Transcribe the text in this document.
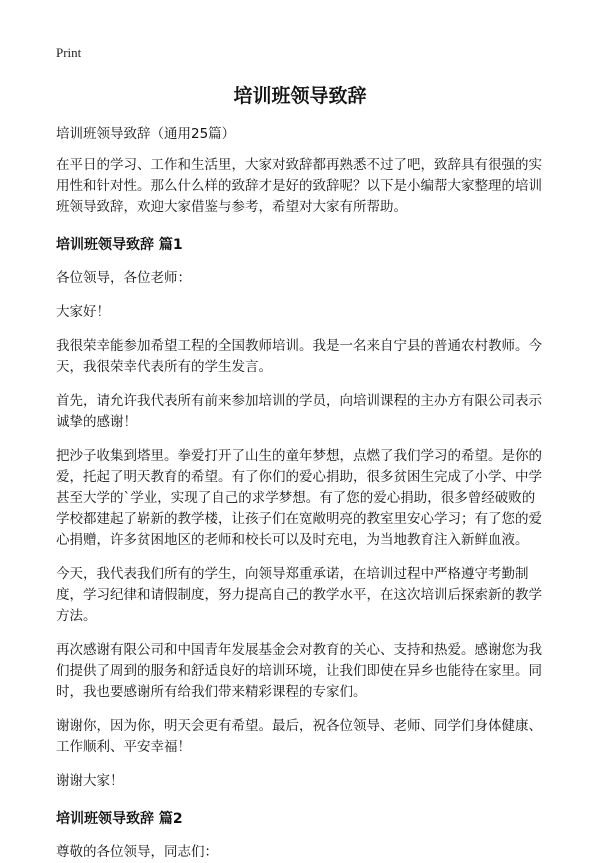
Print
培训班领导致辞

培训班领导致辞（通用25篇）

在平日的学习、工作和生活里，大家对致辞都再熟悉不过了吧，致辞具有很强的实用性和针对性。那么什么样的致辞才是好的致辞呢？以下是小编帮大家整理的培训班领导致辞，欢迎大家借鉴与参考，希望对大家有所帮助。

培训班领导致辞 篇1

各位领导，各位老师：

大家好！

我很荣幸能参加希望工程的全国教师培训。我是一名来自宁县的普通农村教师。今天，我很荣幸代表所有的学生发言。

首先，请允许我代表所有前来参加培训的学员，向培训课程的主办方有限公司表示诚挚的感谢！

把沙子收集到塔里。拳爱打开了山生的童年梦想，点燃了我们学习的希望。是你的爱，托起了明天教育的希望。有了你们的爱心捐助，很多贫困生完成了小学、中学甚至大学的`学业，实现了自己的求学梦想。有了您的爱心捐助，很多曾经破败的学校都建起了崭新的教学楼，让孩子们在宽敞明亮的教室里安心学习；有了您的爱心捐赠，许多贫困地区的老师和校长可以及时充电，为当地教育注入新鲜血液。

今天，我代表我们所有的学生，向领导郑重承诺，在培训过程中严格遵守考勤制度，学习纪律和请假制度，努力提高自己的教学水平，在这次培训后探索新的教学方法。

再次感谢有限公司和中国青年发展基金会对教育的关心、支持和热爱。感谢您为我们提供了周到的服务和舒适良好的培训环境，让我们即使在异乡也能待在家里。同时，我也要感谢所有给我们带来精彩课程的专家们。

谢谢你，因为你，明天会更有希望。最后，祝各位领导、老师、同学们身体健康、工作顺利、平安幸福！

谢谢大家！

培训班领导致辞 篇2

尊敬的各位领导，同志们：
